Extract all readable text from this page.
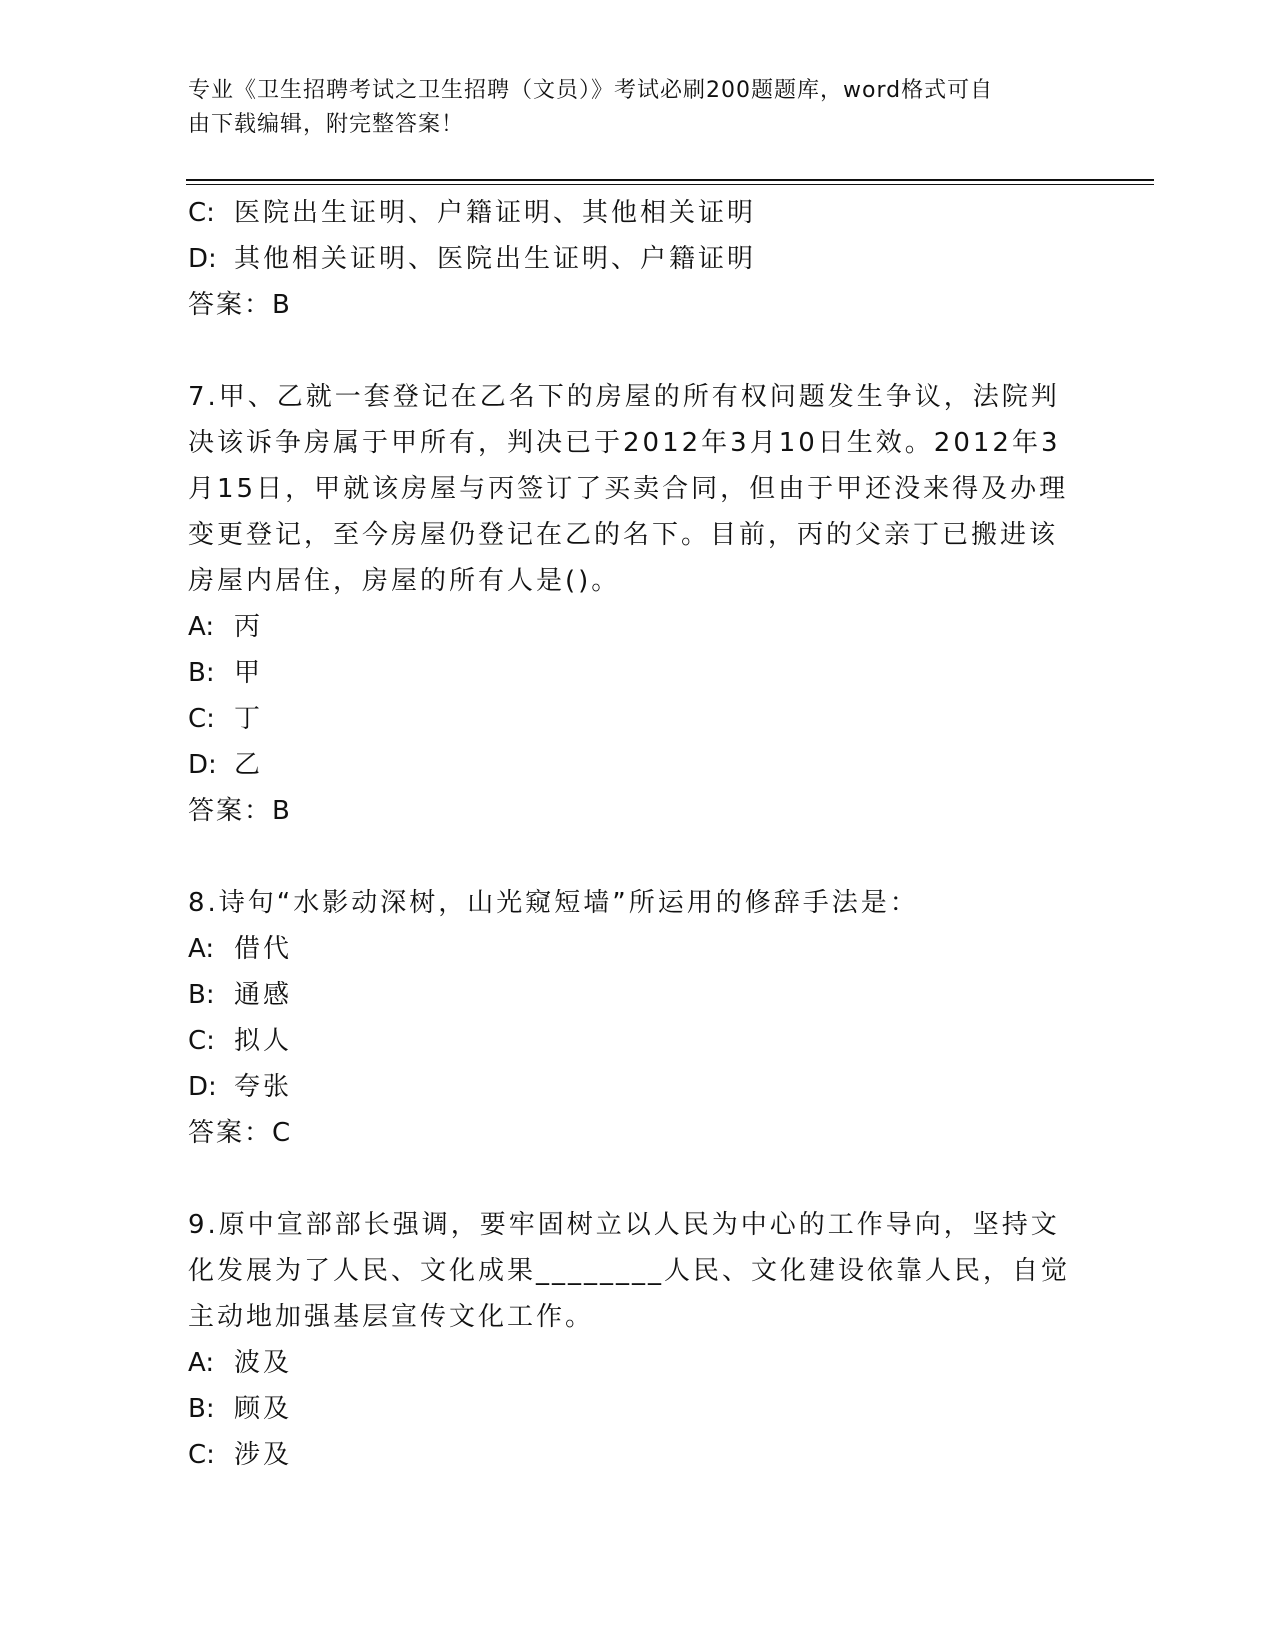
专业《卫生招聘考试之卫生招聘（文员）》考试必刷200题题库，word格式可自
由下载编辑，附完整答案！
C: 医院出生证明、户籍证明、其他相关证明
D: 其他相关证明、医院出生证明、户籍证明
答案：B
7.甲、乙就一套登记在乙名下的房屋的所有权问题发生争议，法院判
决该诉争房属于甲所有，判决已于2012年3月10日生效。2012年3
月15日，甲就该房屋与丙签订了买卖合同，但由于甲还没来得及办理
变更登记，至今房屋仍登记在乙的名下。目前，丙的父亲丁已搬进该
房屋内居住，房屋的所有人是()。
A: 丙
B: 甲
C: 丁
D: 乙
答案：B
8.诗句“水影动深树，山光窥短墙”所运用的修辞手法是：
A: 借代
B: 通感
C: 拟人
D: 夸张
答案：C
9.原中宣部部长强调，要牢固树立以人民为中心的工作导向，坚持文
化发展为了人民、文化成果________人民、文化建设依靠人民，自觉
主动地加强基层宣传文化工作。
A: 波及
B: 顾及
C: 涉及
